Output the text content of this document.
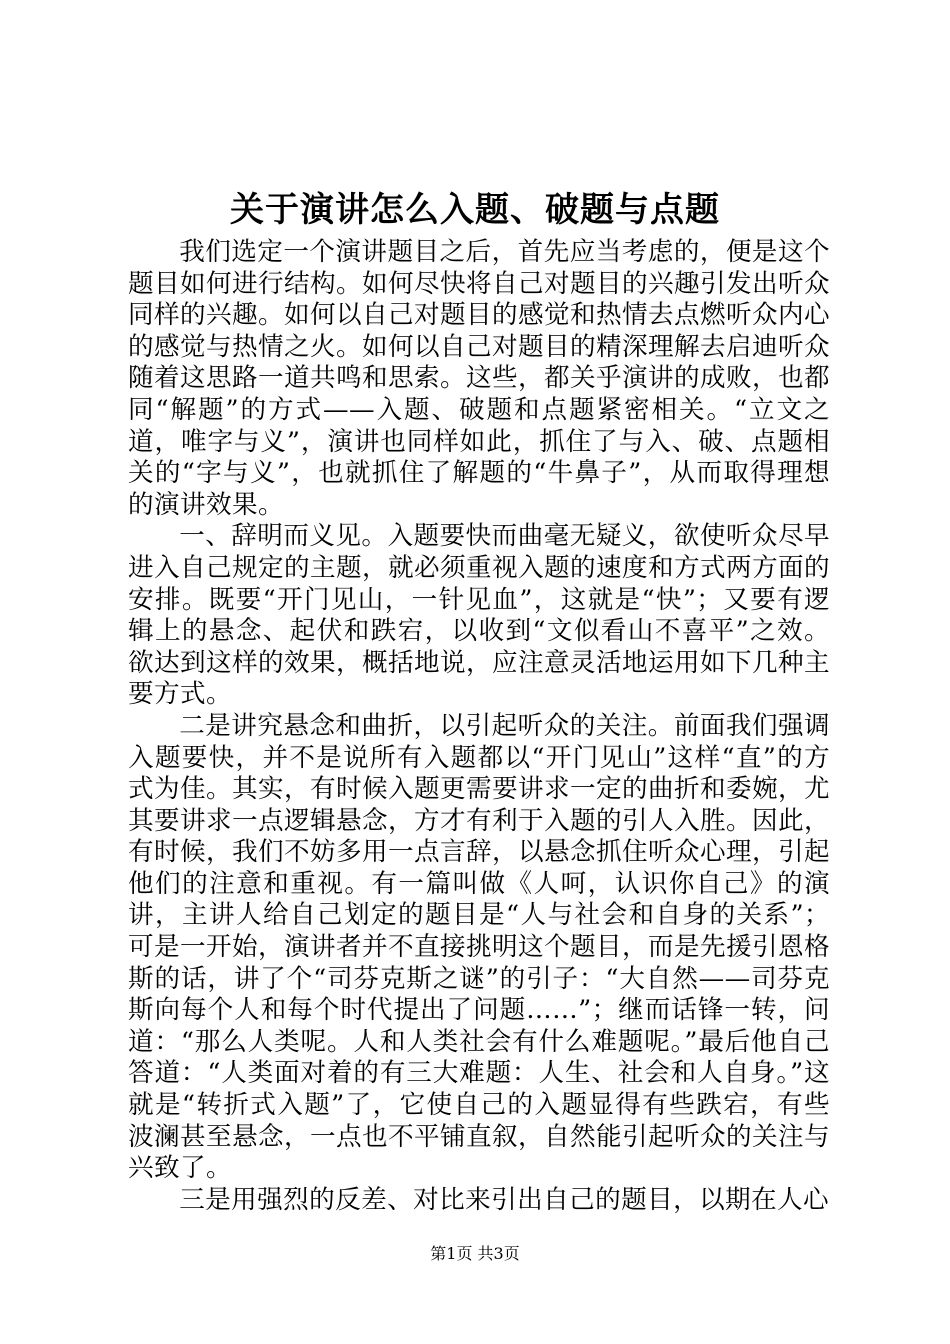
关于演讲怎么入题、破题与点题

我们选定一个演讲题目之后，首先应当考虑的，便是这个题目如何进行结构。如何尽快将自己对题目的兴趣引发出听众同样的兴趣。如何以自己对题目的感觉和热情去点燃听众内心的感觉与热情之火。如何以自己对题目的精深理解去启迪听众随着这思路一道共鸣和思索。这些，都关乎演讲的成败，也都同“解题”的方式——入题、破题和点题紧密相关。“立文之道，唯字与义”，演讲也同样如此，抓住了与入、破、点题相关的“字与义”，也就抓住了解题的“牛鼻子”，从而取得理想的演讲效果。

一、辞明而义见。入题要快而曲毫无疑义，欲使听众尽早进入自己规定的主题，就必须重视入题的速度和方式两方面的安排。既要“开门见山，一针见血”，这就是“快”；又要有逻辑上的悬念、起伏和跌宕，以收到“文似看山不喜平”之效。欲达到这样的效果，概括地说，应注意灵活地运用如下几种主要方式。

二是讲究悬念和曲折，以引起听众的关注。前面我们强调入题要快，并不是说所有入题都以“开门见山”这样“直”的方式为佳。其实，有时候入题更需要讲求一定的曲折和委婉，尤其要讲求一点逻辑悬念，方才有利于入题的引人入胜。因此，有时候，我们不妨多用一点言辞，以悬念抓住听众心理，引起他们的注意和重视。有一篇叫做《人呵，认识你自己》的演讲，主讲人给自己划定的题目是“人与社会和自身的关系”；可是一开始，演讲者并不直接挑明这个题目，而是先援引恩格斯的话，讲了个“司芬克斯之谜”的引子：“大自然——司芬克斯向每个人和每个时代提出了问题……”；继而话锋一转，问道：“那么人类呢。人和人类社会有什么难题呢。”最后他自己答道：“人类面对着的有三大难题：人生、社会和人自身。”这就是“转折式入题”了，它使自己的入题显得有些跌宕，有些波澜甚至悬念，一点也不平铺直叙，自然能引起听众的关注与兴致了。

三是用强烈的反差、对比来引出自己的题目，以期在人心

第1页 共3页
